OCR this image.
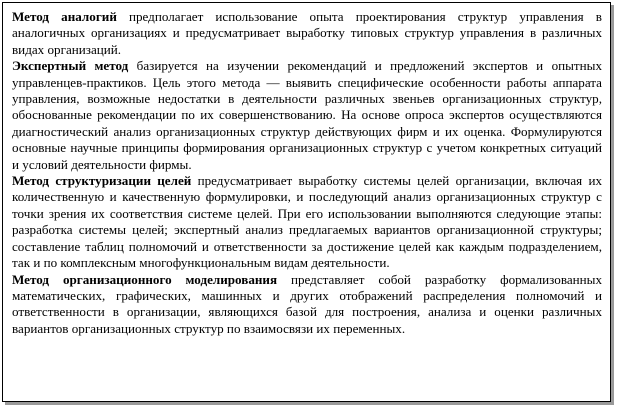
Метод аналогий предполагает использование опыта проектирования структур управления в аналогичных организациях и предусматривает выработку типовых структур управления в различных видах организаций.

Экспертный метод базируется на изучении рекомендаций и предложений экспертов и опытных управленцев-практиков. Цель этого метода — выявить специфические особенности работы аппарата управления, возможные недостатки в деятельности различных звеньев организационных структур, обоснованные рекомендации по их совершенствованию. На основе опроса экспертов осуществляются диагностический анализ организационных структур действующих фирм и их оценка. Формулируются основные научные принципы формирования организационных структур с учетом конкретных ситуаций и условий деятельности фирмы.

Метод структуризации целей предусматривает выработку системы целей организации, включая их количественную и качественную формулировки, и последующий анализ организационных структур с точки зрения их соответствия системе целей. При его использовании выполняются следующие этапы: разработка системы целей; экспертный анализ предлагаемых вариантов организационной структуры; составление таблиц полномочий и ответственности за достижение целей как каждым подразделением, так и по комплексным многофункциональным видам деятельности.

Метод организационного моделирования представляет собой разработку формализованных математических, графических, машинных и других отображений распределения полномочий и ответственности в организации, являющихся базой для построения, анализа и оценки различных вариантов организационных структур по взаимосвязи их переменных.
